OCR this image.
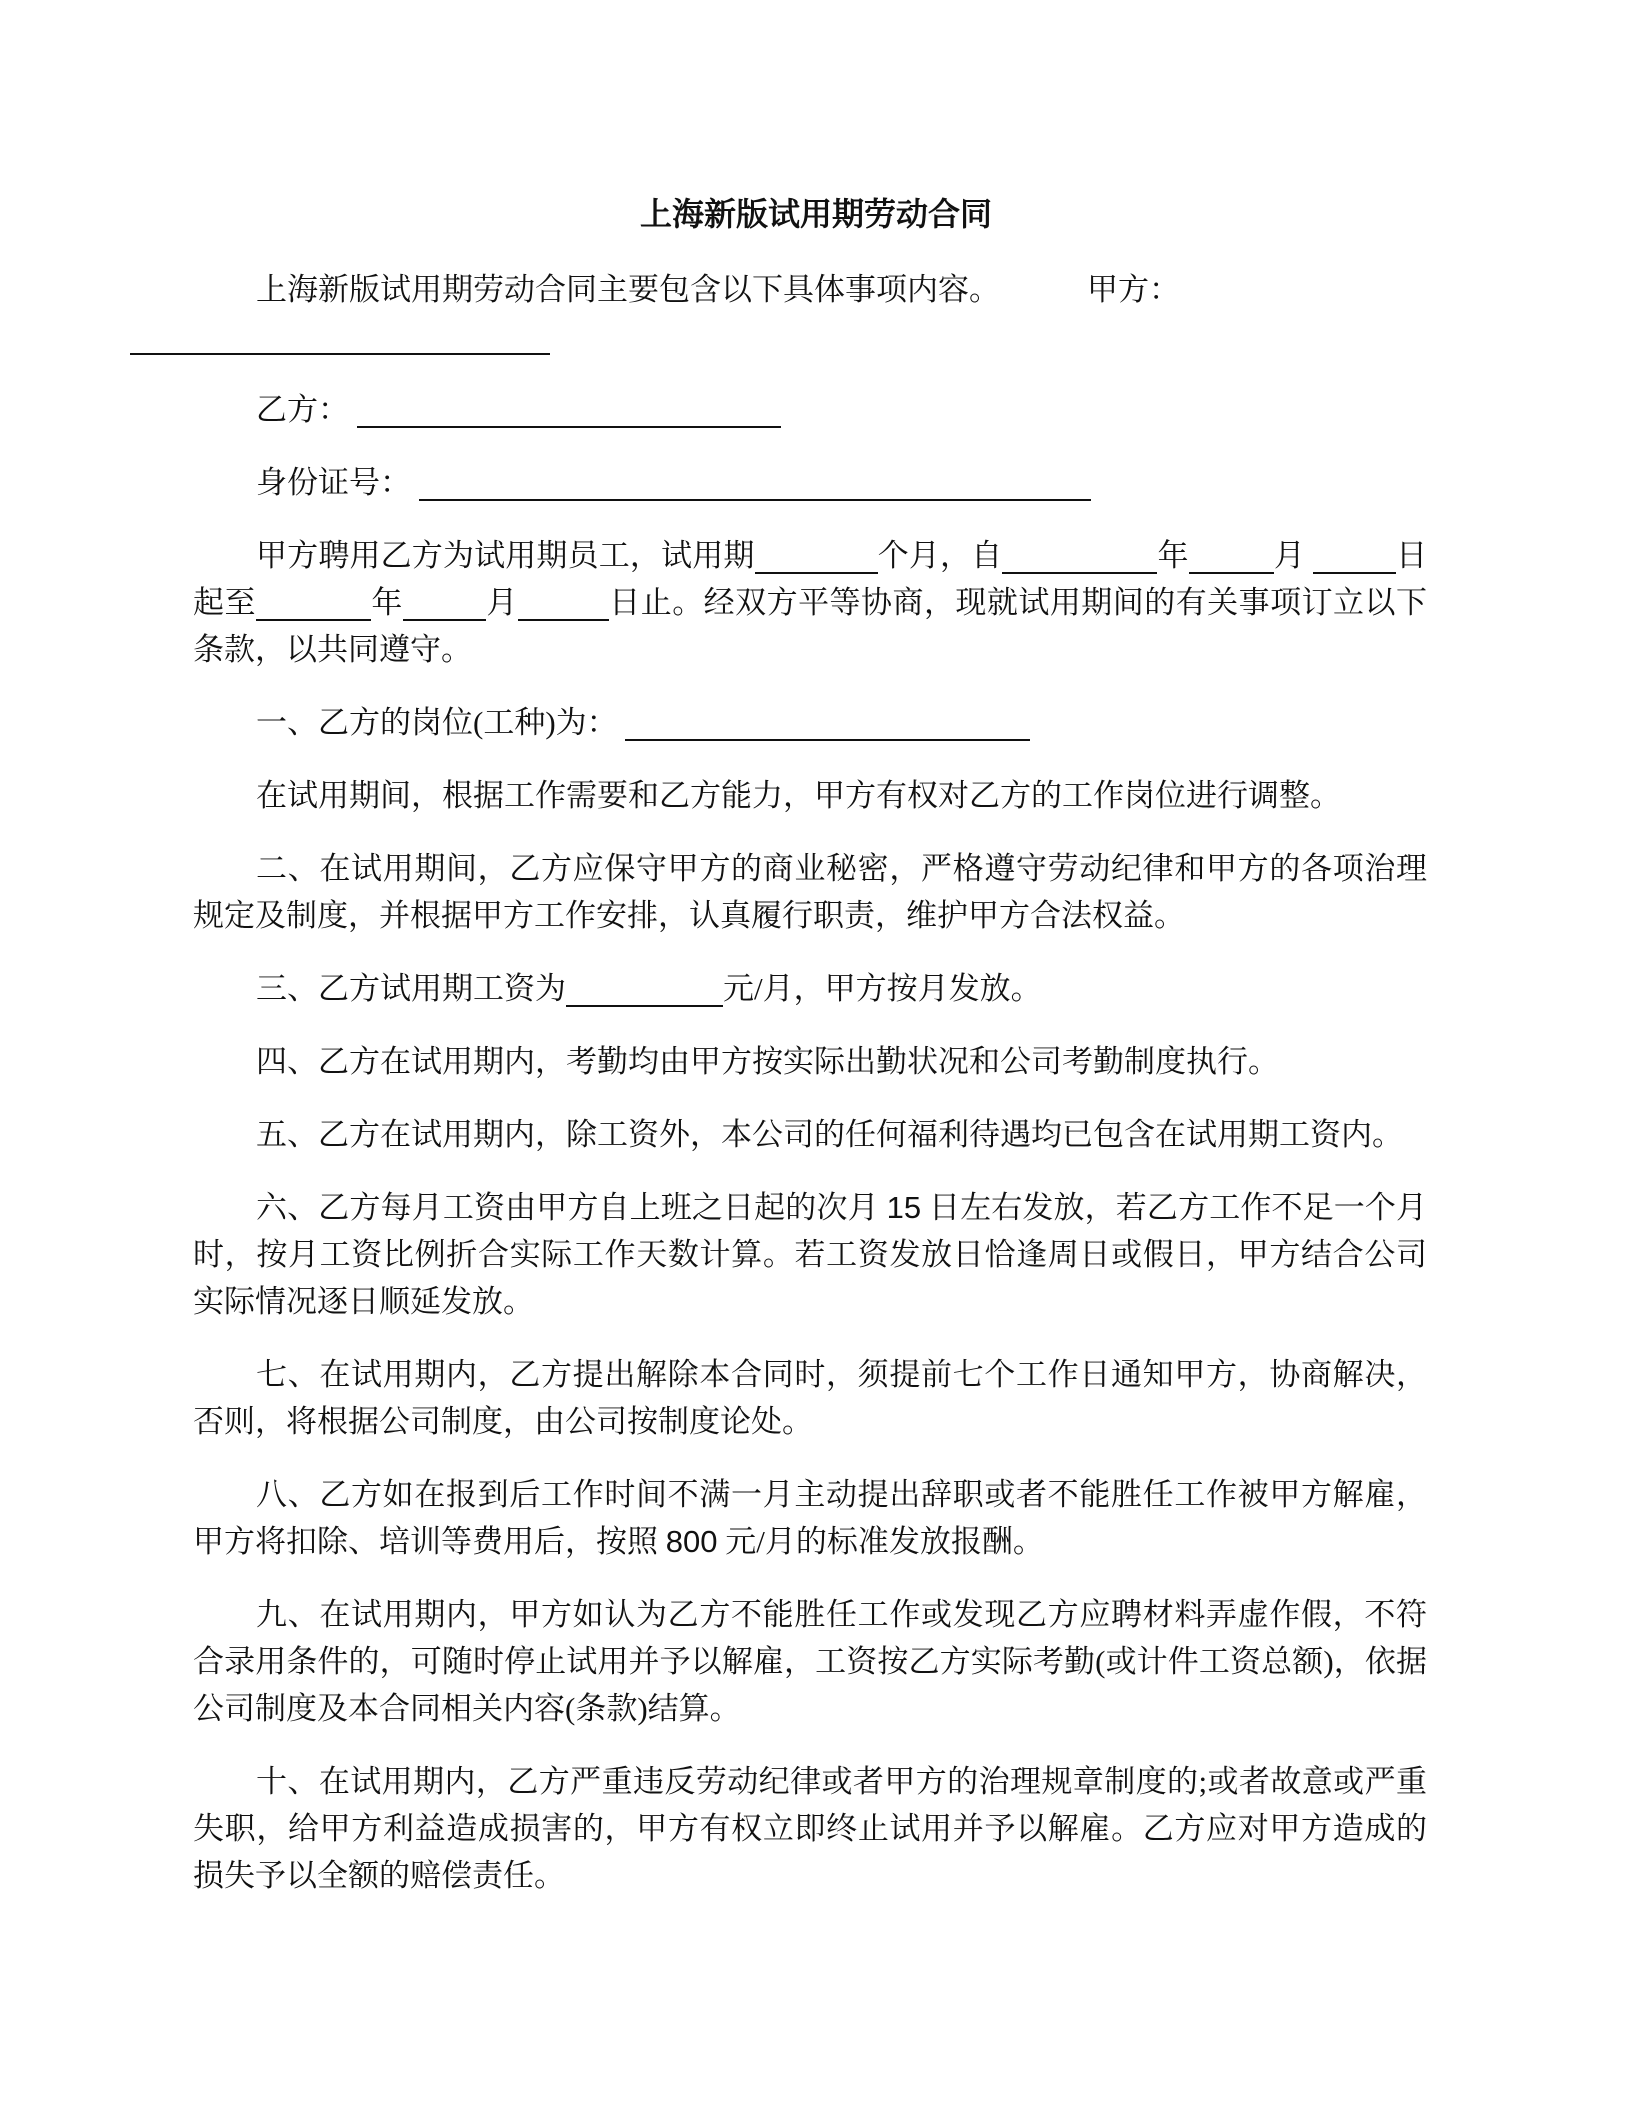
上海新版试用期劳动合同

上海新版试用期劳动合同主要包含以下具体事项内容。	甲方：

乙方：

身份证号：

甲方聘用乙方为试用期员工，试用期	个月，自	年	月	日起至	年	月	日止。经双方平等协商，现就试用期间的有关事项订立以下条款，以共同遵守。

一、乙方的岗位(工种)为：

在试用期间，根据工作需要和乙方能力，甲方有权对乙方的工作岗位进行调整。

二、在试用期间，乙方应保守甲方的商业秘密，严格遵守劳动纪律和甲方的各项治理规定及制度，并根据甲方工作安排，认真履行职责，维护甲方合法权益。

三、乙方试用期工资为	元/月，甲方按月发放。

四、乙方在试用期内，考勤均由甲方按实际出勤状况和公司考勤制度执行。

五、乙方在试用期内，除工资外，本公司的任何福利待遇均已包含在试用期工资内。

六、乙方每月工资由甲方自上班之日起的次月 15 日左右发放，若乙方工作不足一个月时，按月工资比例折合实际工作天数计算。若工资发放日恰逢周日或假日，甲方结合公司实际情况逐日顺延发放。

七、在试用期内，乙方提出解除本合同时，须提前七个工作日通知甲方，协商解决，否则，将根据公司制度，由公司按制度论处。

八、乙方如在报到后工作时间不满一月主动提出辞职或者不能胜任工作被甲方解雇，甲方将扣除、培训等费用后，按照 800 元/月的标准发放报酬。

九、在试用期内，甲方如认为乙方不能胜任工作或发现乙方应聘材料弄虚作假，不符合录用条件的，可随时停止试用并予以解雇，工资按乙方实际考勤(或计件工资总额)，依据公司制度及本合同相关内容(条款)结算。

十、在试用期内，乙方严重违反劳动纪律或者甲方的治理规章制度的;或者故意或严重失职，给甲方利益造成损害的，甲方有权立即终止试用并予以解雇。乙方应对甲方造成的损失予以全额的赔偿责任。
